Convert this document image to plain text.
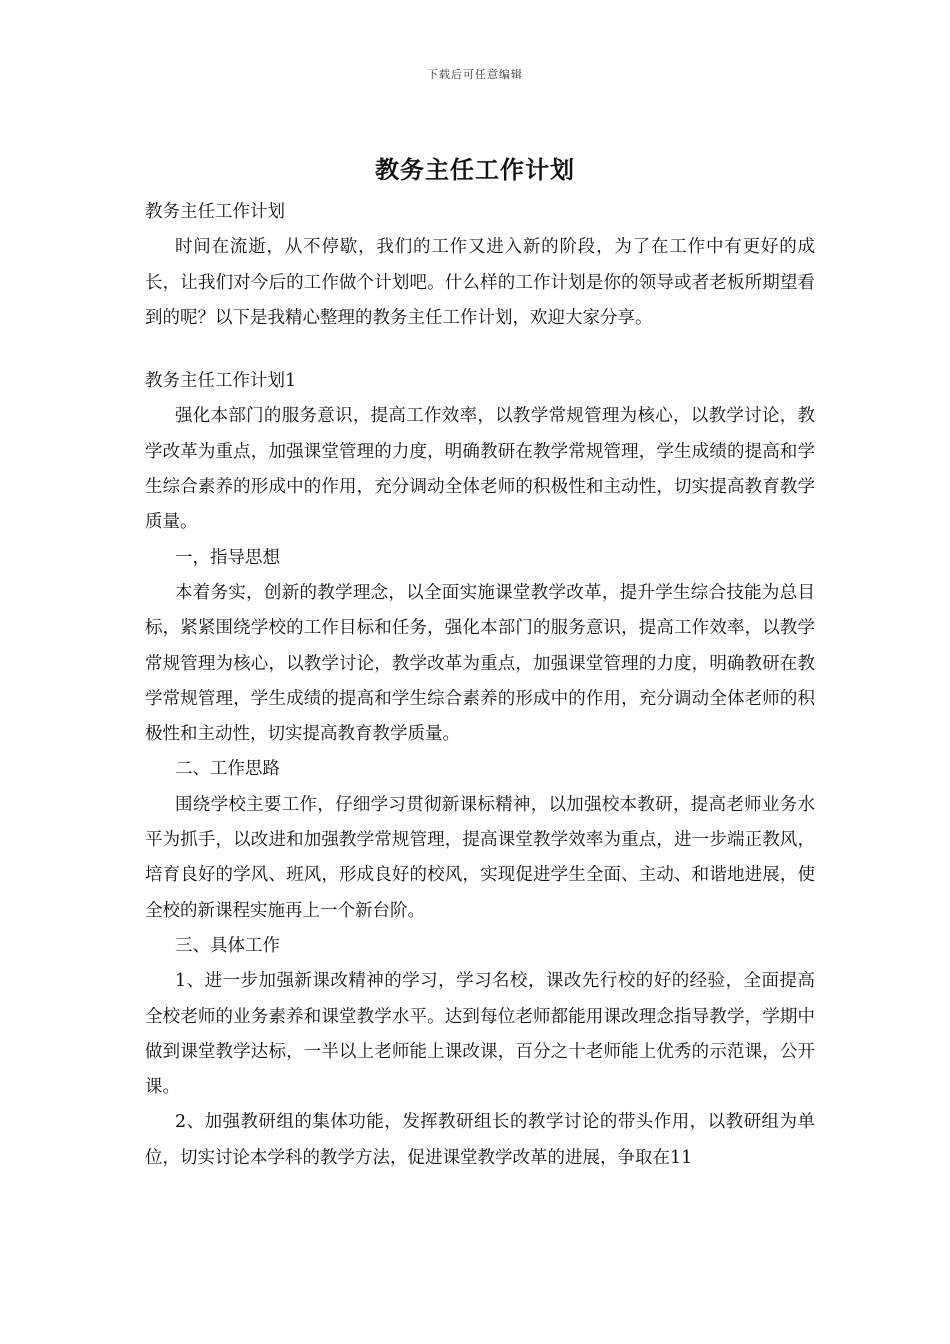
下载后可任意编辑
教务主任工作计划

教务主任工作计划

时间在流逝，从不停歇，我们的工作又进入新的阶段，为了在工作中有更好的成长，让我们对今后的工作做个计划吧。什么样的工作计划是你的领导或者老板所期望看到的呢？以下是我精心整理的教务主任工作计划，欢迎大家分享。

教务主任工作计划1

强化本部门的服务意识，提高工作效率，以教学常规管理为核心，以教学讨论，教学改革为重点，加强课堂管理的力度，明确教研在教学常规管理，学生成绩的提高和学生综合素养的形成中的作用，充分调动全体老师的积极性和主动性，切实提高教育教学质量。

一，指导思想

本着务实，创新的教学理念，以全面实施课堂教学改革，提升学生综合技能为总目标，紧紧围绕学校的工作目标和任务，强化本部门的服务意识，提高工作效率，以教学常规管理为核心，以教学讨论，教学改革为重点，加强课堂管理的力度，明确教研在教学常规管理，学生成绩的提高和学生综合素养的形成中的作用，充分调动全体老师的积极性和主动性，切实提高教育教学质量。

二、工作思路

围绕学校主要工作，仔细学习贯彻新课标精神，以加强校本教研，提高老师业务水平为抓手，以改进和加强教学常规管理，提高课堂教学效率为重点，进一步端正教风，培育良好的学风、班风，形成良好的校风，实现促进学生全面、主动、和谐地进展，使全校的新课程实施再上一个新台阶。

三、具体工作

1、进一步加强新课改精神的学习，学习名校，课改先行校的好的经验，全面提高全校老师的业务素养和课堂教学水平。达到每位老师都能用课改理念指导教学，学期中做到课堂教学达标，一半以上老师能上课改课，百分之十老师能上优秀的示范课，公开课。

2、加强教研组的集体功能，发挥教研组长的教学讨论的带头作用，以教研组为单位，切实讨论本学科的教学方法，促进课堂教学改革的进展，争取在11
